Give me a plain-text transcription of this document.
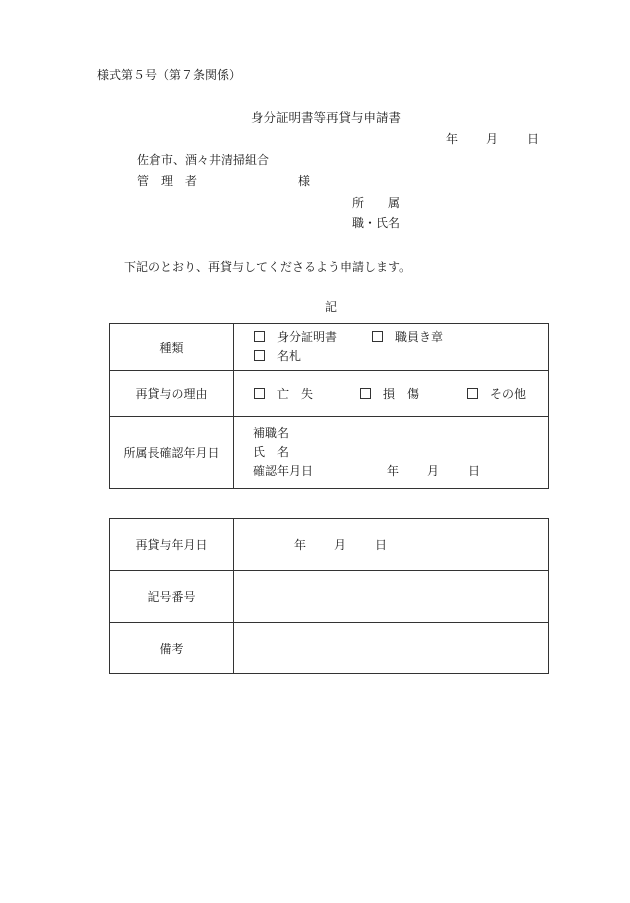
様式第５号（第７条関係）
身分証明書等再貸与申請書
年 月 日
佐倉市、酒々井清掃組合
管　理　者	様
所　　属
職・氏名
下記のとおり、再貸与してくださるよう申請します。
記
種類	身分証明書 職員き章
名札

再貸与の理由	亡　失 損　傷 その他
所属長確認年月日	補職名
氏　名
確認年月日 年 月 日
再貸与年月日	年 月 日
記号番号	
備考	
